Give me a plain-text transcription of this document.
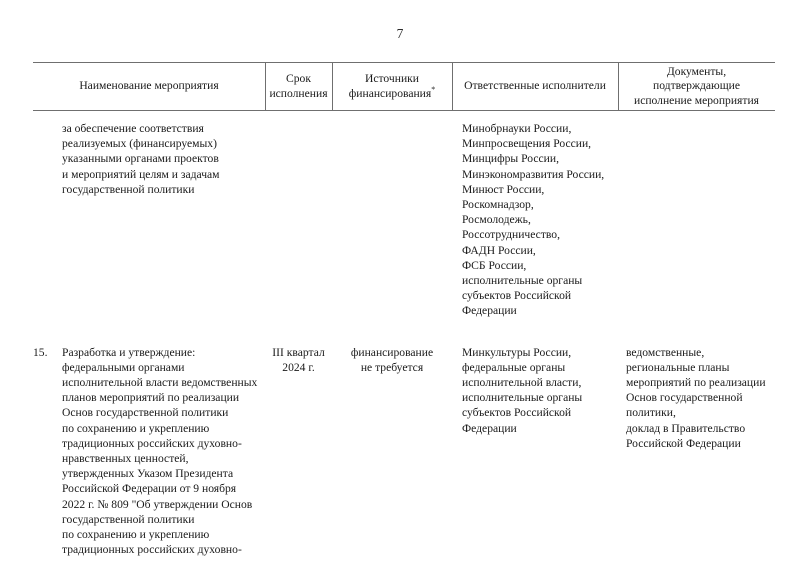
7
Наименование мероприятия
Срок
исполнения
Источники
финансирования*	Ответственные исполнители
Документы,
подтверждающие
исполнение мероприятия
за обеспечение соответствия
реализуемых (финансируемых)
указанными органами проектов
и мероприятий целям и задачам
государственной политики
Минобрнауки России,
Минпросвещения России,
Минцифры России,
Минэкономразвития России,
Минюст России,
Роскомнадзор,
Росмолодежь,
Россотрудничество,
ФАДН России,
ФСБ России,
исполнительные органы
субъектов Российской
Федерации
15.	Разработка и утверждение:
федеральными органами
исполнительной власти ведомственных
планов мероприятий по реализации
Основ государственной политики
по сохранению и укреплению
традиционных российских духовно-
нравственных ценностей,
утвержденных Указом Президента
Российской Федерации от 9 ноября
2022 г. № 809 "Об утверждении Основ
государственной политики
по сохранению и укреплению
традиционных российских духовно-
III квартал
2024 г.
финансирование
не требуется
Минкультуры России,
федеральные органы
исполнительной власти,
исполнительные органы
субъектов Российской
Федерации
ведомственные,
региональные планы
мероприятий по реализации
Основ государственной
политики,
доклад в Правительство
Российской Федерации
